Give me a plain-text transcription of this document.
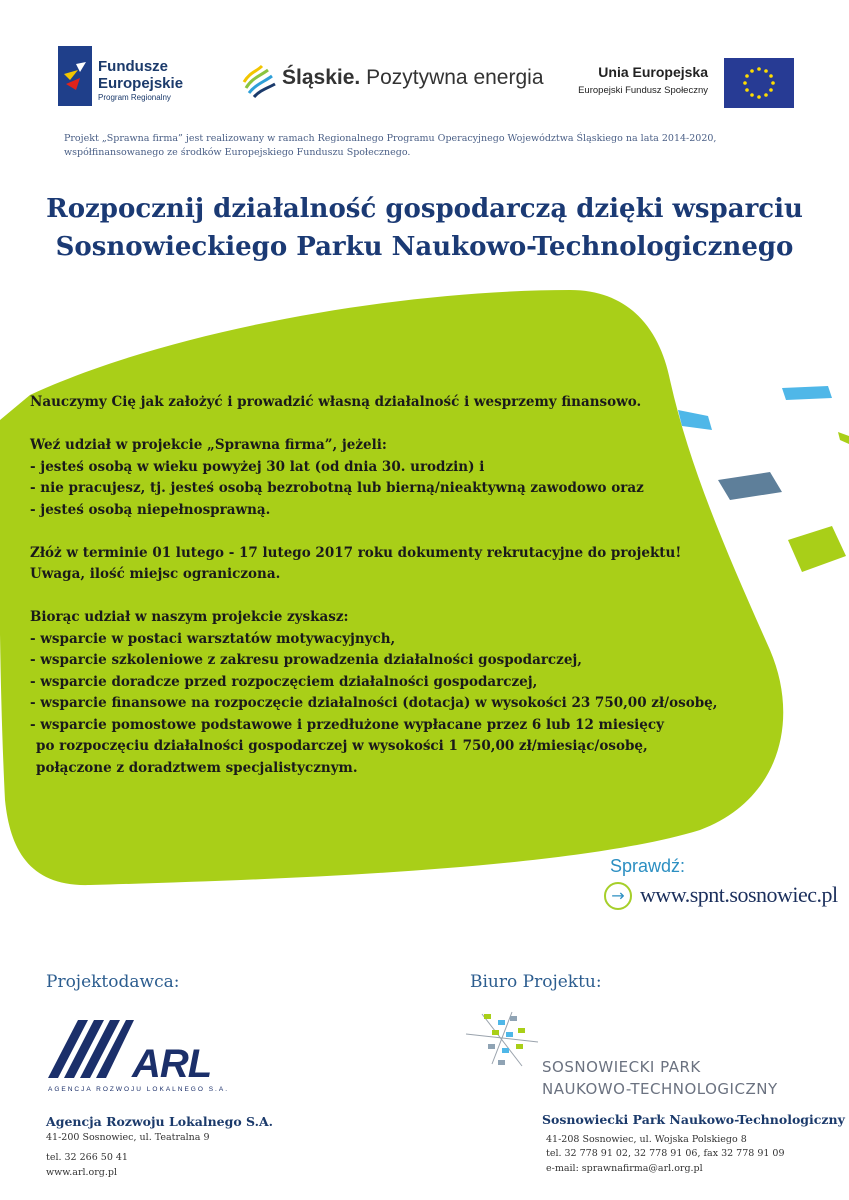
Fundusze
Europejskie
Program Regionalny
Śląskie. Pozytywna energia	Unia Europejska
Europejski Fundusz Społeczny
Projekt „Sprawna firma” jest realizowany w ramach Regionalnego Programu Operacyjnego Województwa Śląskiego na lata 2014-2020,
współfinansowanego ze środków Europejskiego Funduszu Społecznego.
Rozpocznij działalność gospodarczą dzięki wsparciu
Sosnowieckiego Parku Naukowo-Technologicznego

Nauczymy Cię jak założyć i prowadzić własną działalność i wesprzemy finansowo.

Weź udział w projekcie „Sprawna firma”, jeżeli:

- jesteś osobą w wieku powyżej 30 lat (od dnia 30. urodzin) i

- nie pracujesz, tj. jesteś osobą bezrobotną lub bierną/nieaktywną zawodowo oraz

- jesteś osobą niepełnosprawną.

Złóż w terminie 01 lutego - 17 lutego 2017 roku dokumenty rekrutacyjne do projektu!

Uwaga, ilość miejsc ograniczona.

Biorąc udział w naszym projekcie zyskasz:

- wsparcie w postaci warsztatów motywacyjnych,

- wsparcie szkoleniowe z zakresu prowadzenia działalności gospodarczej,

- wsparcie doradcze przed rozpoczęciem działalności gospodarczej,

- wsparcie finansowe na rozpoczęcie działalności (dotacja) w wysokości 23 750,00 zł/osobę,

- wsparcie pomostowe podstawowe i przedłużone wypłacane przez 6 lub 12 miesięcy

po rozpoczęciu działalności gospodarczej w wysokości 1 750,00 zł/miesiąc/osobę,

połączone z doradztwem specjalistycznym.

Sprawdź:
→ www.spnt.sosnowiec.pl
Projektodawca:
ARL
AGENCJA ROZWOJU LOKALNEGO S.A.
Agencja Rozwoju Lokalnego S.A.
41-200 Sosnowiec, ul. Teatralna 9
tel. 32 266 50 41
www.arl.org.pl
Biuro Projektu:
SOSNOWIECKI PARK
NAUKOWO-TECHNOLOGICZNY
Sosnowiecki Park Naukowo-Technologiczny
41-208 Sosnowiec, ul. Wojska Polskiego 8
tel. 32 778 91 02, 32 778 91 06, fax 32 778 91 09
e-mail: sprawnafirma@arl.org.pl
